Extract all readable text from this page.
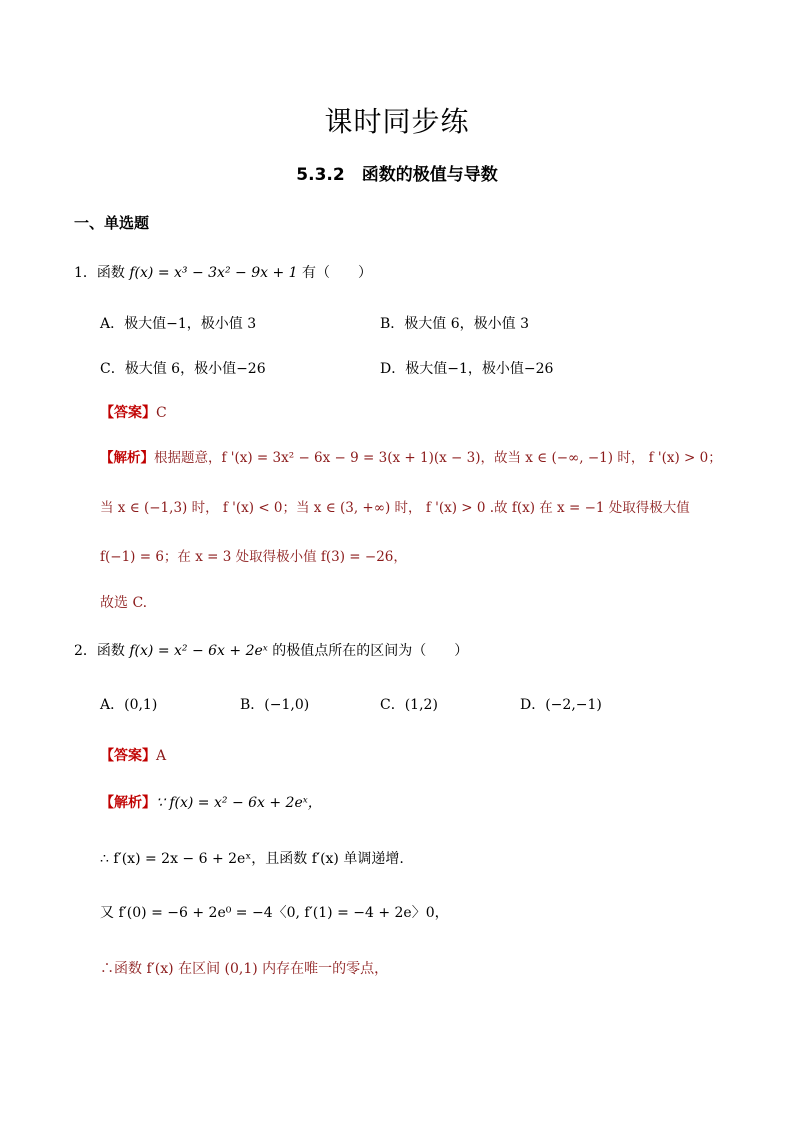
课时同步练
5.3.2　函数的极值与导数
一、单选题
1．函数 f(x) = x³ − 3x² − 9x + 1 有（　　）
A．极大值−1，极小值 3	B．极大值 6，极小值 3
C．极大值 6，极小值−26	D．极大值−1，极小值−26
【答案】C
【解析】根据题意，f '(x) = 3x² − 6x − 9 = 3(x + 1)(x − 3)，故当 x ∈ (−∞, −1) 时， f '(x) > 0；
当 x ∈ (−1,3) 时， f '(x) < 0；当 x ∈ (3, +∞) 时， f '(x) > 0 .故 f(x) 在 x = −1 处取得极大值
f(−1) = 6；在 x = 3 处取得极小值 f(3) = −26，
故选 C.
2．函数 f(x) = x² − 6x + 2eˣ 的极值点所在的区间为（　　）
A．(0,1)	B．(−1,0)	C．(1,2)	D．(−2,−1)
【答案】A
【解析】∵ f(x) = x² − 6x + 2eˣ，
∴ f′(x) = 2x − 6 + 2eˣ，且函数 f′(x) 单调递增.
又 f′(0) = −6 + 2e⁰ = −4〈0, f′(1) = −4 + 2e〉0，
∴函数 f′(x) 在区间 (0,1) 内存在唯一的零点，
